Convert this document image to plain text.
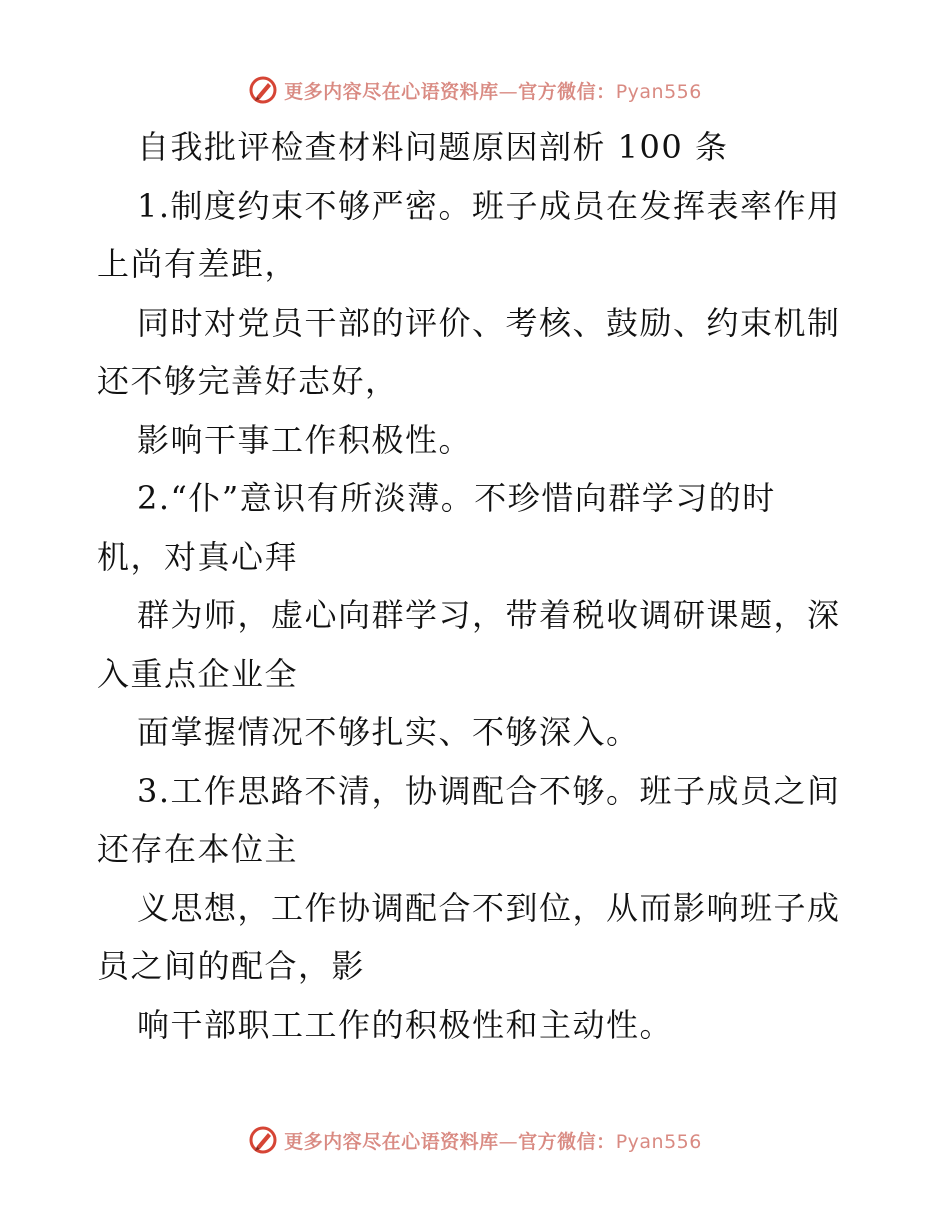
更多内容尽在心语资料库—官方微信：Pyan556
自我批评检查材料问题原因剖析 100 条
1.制度约束不够严密。班子成员在发挥表率作用
上尚有差距，
同时对党员干部的评价、考核、鼓励、约束机制
还不够完善好志好，
影响干事工作积极性。
2.“仆”意识有所淡薄。不珍惜向群学习的时
机，对真心拜
群为师，虚心向群学习，带着税收调研课题，深
入重点企业全
面掌握情况不够扎实、不够深入。
3.工作思路不清，协调配合不够。班子成员之间
还存在本位主
义思想，工作协调配合不到位，从而影响班子成
员之间的配合，影
响干部职工工作的积极性和主动性。
更多内容尽在心语资料库—官方微信：Pyan556
